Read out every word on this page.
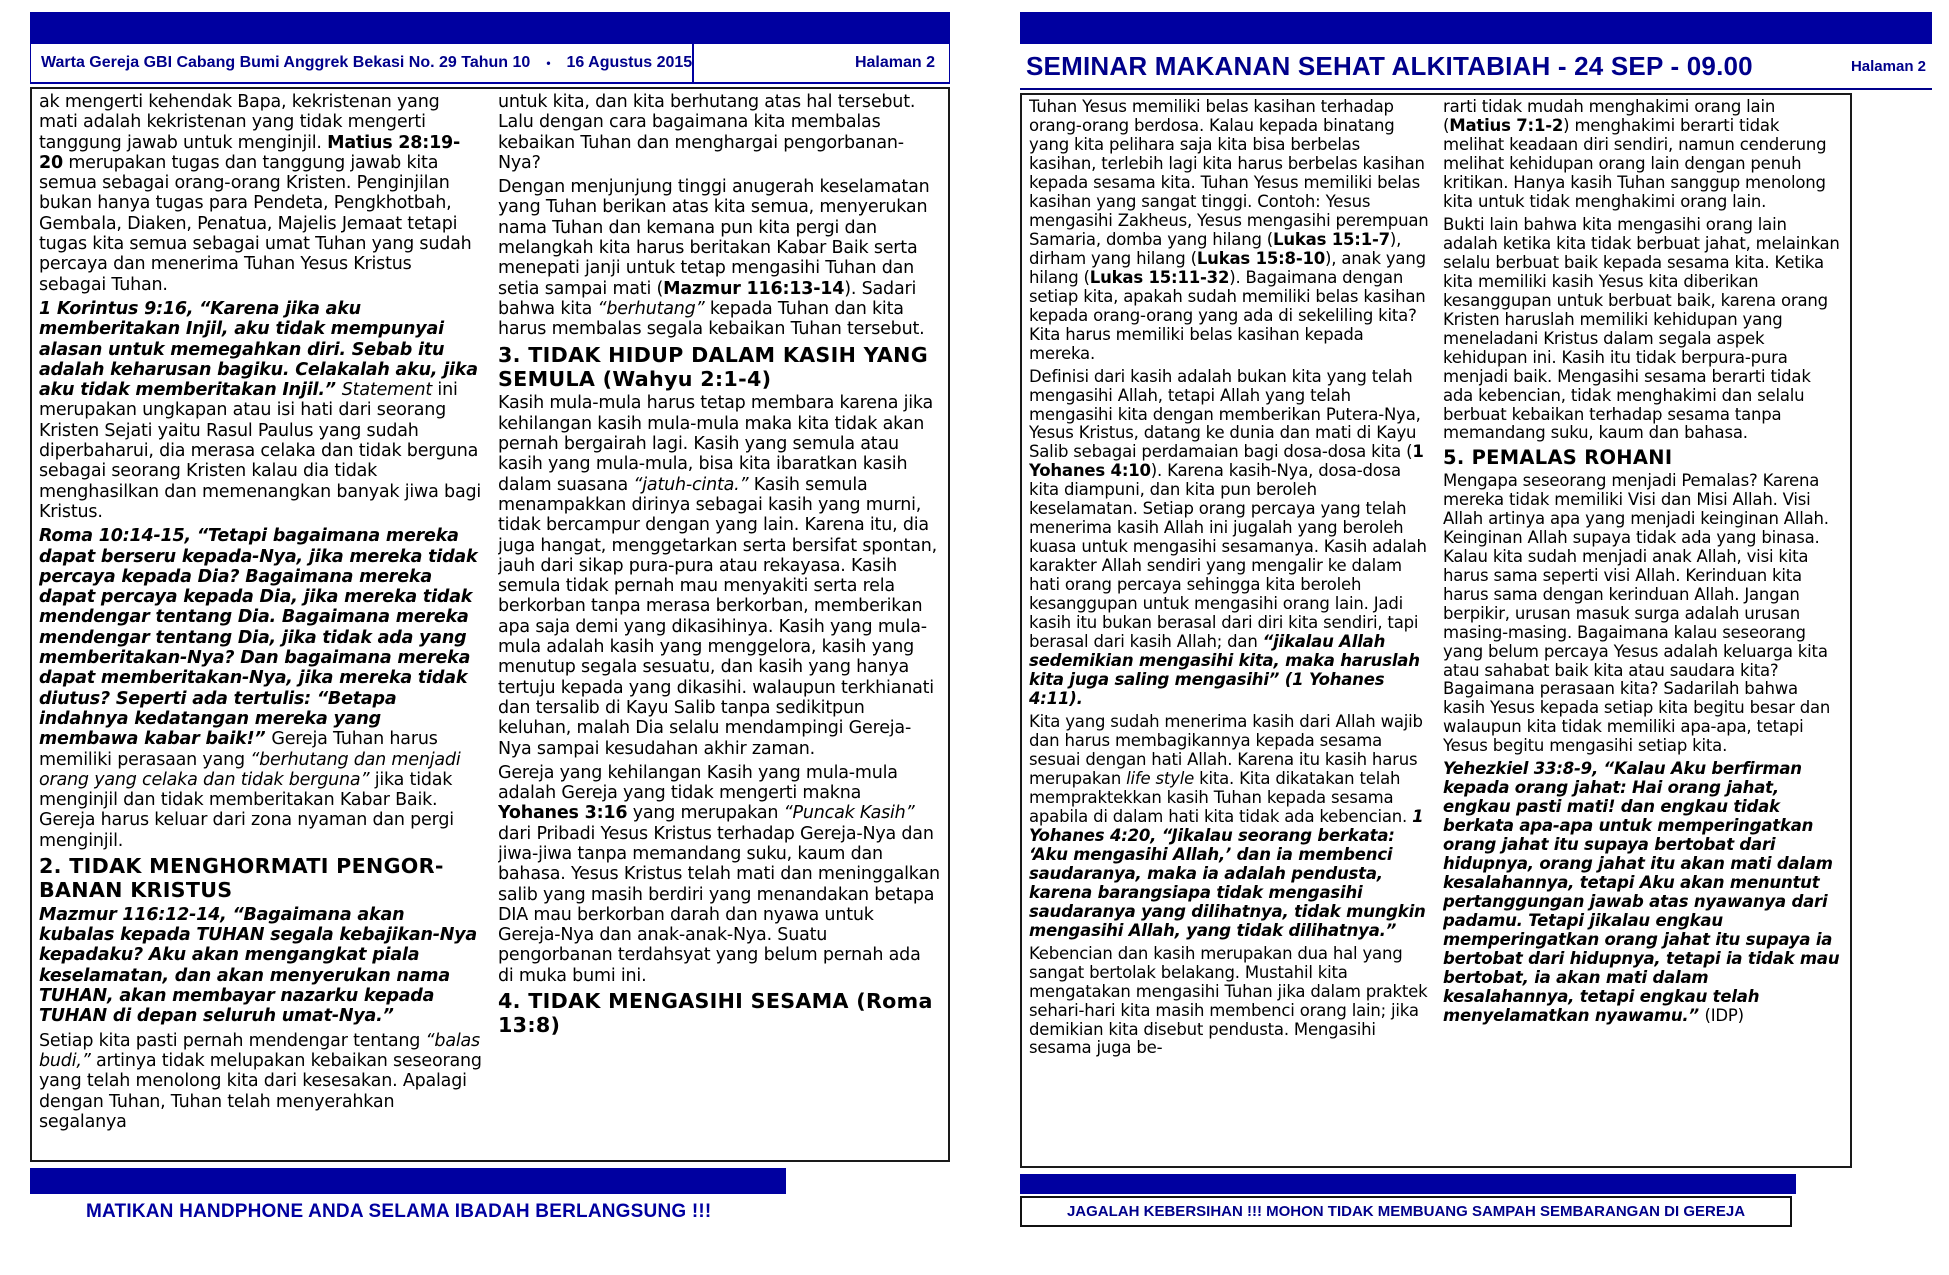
Warta Gereja GBI Cabang Bumi Anggrek Bekasi No. 29 Tahun 10 • 16 Agustus 2015	Halaman 2

ak mengerti kehendak Bapa, kekristenan yang mati adalah kekristenan yang tidak mengerti tanggung jawab untuk menginjil. Matius 28:19-20 merupakan tugas dan tanggung jawab kita semua sebagai orang-orang Kristen. Penginjilan bukan hanya tugas para Pendeta, Pengkhotbah, Gembala, Diaken, Penatua, Majelis Jemaat tetapi tugas kita semua sebagai umat Tuhan yang sudah percaya dan menerima Tuhan Yesus Kristus sebagai Tuhan.

1 Korintus 9:16, “Karena jika aku memberitakan Injil, aku tidak mempunyai alasan untuk memegahkan diri. Sebab itu adalah keharusan bagiku. Celakalah aku, jika aku tidak memberitakan Injil.” Statement ini merupakan ungkapan atau isi hati dari seorang Kristen Sejati yaitu Rasul Paulus yang sudah diperbaharui, dia merasa celaka dan tidak berguna sebagai seorang Kristen kalau dia tidak menghasilkan dan memenangkan banyak jiwa bagi Kristus.

Roma 10:14-15, “Tetapi bagaimana mereka dapat berseru kepada-Nya, jika mereka tidak percaya kepada Dia? Bagaimana mereka dapat percaya kepada Dia, jika mereka tidak mendengar tentang Dia. Bagaimana mereka mendengar tentang Dia, jika tidak ada yang memberitakan-Nya? Dan bagaimana mereka dapat memberitakan-Nya, jika mereka tidak diutus? Seperti ada tertulis: “Betapa indahnya kedatangan mereka yang membawa kabar baik!” Gereja Tuhan harus memiliki perasaan yang “berhutang dan menjadi orang yang celaka dan tidak berguna” jika tidak menginjil dan tidak memberitakan Kabar Baik. Gereja harus keluar dari zona nyaman dan pergi menginjil.

2. TIDAK MENGHORMATI PENGOR-BANAN KRISTUS

Mazmur 116:12-14, “Bagaimana akan kubalas kepada TUHAN segala kebajikan-Nya kepadaku? Aku akan mengangkat piala keselamatan, dan akan menyerukan nama TUHAN, akan membayar nazarku kepada TUHAN di depan seluruh umat-Nya.”

Setiap kita pasti pernah mendengar tentang “balas budi,” artinya tidak melupakan kebaikan seseorang yang telah menolong kita dari kesesakan. Apalagi dengan Tuhan, Tuhan telah menyerahkan segalanya

untuk kita, dan kita berhutang atas hal tersebut. Lalu dengan cara bagaimana kita membalas kebaikan Tuhan dan menghargai pengorbanan-Nya?

Dengan menjunjung tinggi anugerah keselamatan yang Tuhan berikan atas kita semua, menyerukan nama Tuhan dan kemana pun kita pergi dan melangkah kita harus beritakan Kabar Baik serta menepati janji untuk tetap mengasihi Tuhan dan setia sampai mati (Mazmur 116:13-14). Sadari bahwa kita “berhutang” kepada Tuhan dan kita harus membalas segala kebaikan Tuhan tersebut.

3. TIDAK HIDUP DALAM KASIH YANG SEMULA (Wahyu 2:1-4)

Kasih mula-mula harus tetap membara karena jika kehilangan kasih mula-mula maka kita tidak akan pernah bergairah lagi. Kasih yang semula atau kasih yang mula-mula, bisa kita ibaratkan kasih dalam suasana “jatuh-cinta.” Kasih semula menampakkan dirinya sebagai kasih yang murni, tidak bercampur dengan yang lain. Karena itu, dia juga hangat, menggetarkan serta bersifat spontan, jauh dari sikap pura-pura atau rekayasa. Kasih semula tidak pernah mau menyakiti serta rela berkorban tanpa merasa berkorban, memberikan apa saja demi yang dikasihinya. Kasih yang mula-mula adalah kasih yang menggelora, kasih yang menutup segala sesuatu, dan kasih yang hanya tertuju kepada yang dikasihi. walaupun terkhianati dan tersalib di Kayu Salib tanpa sedikitpun keluhan, malah Dia selalu mendampingi Gereja-Nya sampai kesudahan akhir zaman.

Gereja yang kehilangan Kasih yang mula-mula adalah Gereja yang tidak mengerti makna Yohanes 3:16 yang merupakan “Puncak Kasih” dari Pribadi Yesus Kristus terhadap Gereja-Nya dan jiwa-jiwa tanpa memandang suku, kaum dan bahasa. Yesus Kristus telah mati dan meninggalkan salib yang masih berdiri yang menandakan betapa DIA mau berkorban darah dan nyawa untuk Gereja-Nya dan anak-anak-Nya. Suatu pengorbanan terdahsyat yang belum pernah ada di muka bumi ini.

4. TIDAK MENGASIHI SESAMA (Roma 13:8)

MATIKAN HANDPHONE ANDA SELAMA IBADAH BERLANGSUNG !!!
SEMINAR MAKANAN SEHAT ALKITABIAH - 24 SEP - 09.00	Halaman 2

Tuhan Yesus memiliki belas kasihan terhadap orang-orang berdosa. Kalau kepada binatang yang kita pelihara saja kita bisa berbelas kasihan, terlebih lagi kita harus berbelas kasihan kepada sesama kita. Tuhan Yesus memiliki belas kasihan yang sangat tinggi. Contoh: Yesus mengasihi Zakheus, Yesus mengasihi perempuan Samaria, domba yang hilang (Lukas 15:1-7), dirham yang hilang (Lukas 15:8-10), anak yang hilang (Lukas 15:11-32). Bagaimana dengan setiap kita, apakah sudah memiliki belas kasihan kepada orang-orang yang ada di sekeliling kita? Kita harus memiliki belas kasihan kepada mereka.

Definisi dari kasih adalah bukan kita yang telah mengasihi Allah, tetapi Allah yang telah mengasihi kita dengan memberikan Putera-Nya, Yesus Kristus, datang ke dunia dan mati di Kayu Salib sebagai perdamaian bagi dosa-dosa kita (1 Yohanes 4:10). Karena kasih-Nya, dosa-dosa kita diampuni, dan kita pun beroleh keselamatan. Setiap orang percaya yang telah menerima kasih Allah ini jugalah yang beroleh kuasa untuk mengasihi sesamanya. Kasih adalah karakter Allah sendiri yang mengalir ke dalam hati orang percaya sehingga kita beroleh kesanggupan untuk mengasihi orang lain. Jadi kasih itu bukan berasal dari diri kita sendiri, tapi berasal dari kasih Allah; dan “jikalau Allah sedemikian mengasihi kita, maka haruslah kita juga saling mengasihi” (1 Yohanes 4:11).

Kita yang sudah menerima kasih dari Allah wajib dan harus membagikannya kepada sesama sesuai dengan hati Allah. Karena itu kasih harus merupakan life style kita. Kita dikatakan telah mempraktekkan kasih Tuhan kepada sesama apabila di dalam hati kita tidak ada kebencian. 1 Yohanes 4:20, “Jikalau seorang berkata: ‘Aku mengasihi Allah,’ dan ia membenci saudaranya, maka ia adalah pendusta, karena barangsiapa tidak mengasihi saudaranya yang dilihatnya, tidak mungkin mengasihi Allah, yang tidak dilihatnya.”

Kebencian dan kasih merupakan dua hal yang sangat bertolak belakang. Mustahil kita mengatakan mengasihi Tuhan jika dalam praktek sehari-hari kita masih membenci orang lain; jika demikian kita disebut pendusta. Mengasihi sesama juga be-

rarti tidak mudah menghakimi orang lain (Matius 7:1-2) menghakimi berarti tidak melihat keadaan diri sendiri, namun cenderung melihat kehidupan orang lain dengan penuh kritikan. Hanya kasih Tuhan sanggup menolong kita untuk tidak menghakimi orang lain.

Bukti lain bahwa kita mengasihi orang lain adalah ketika kita tidak berbuat jahat, melainkan selalu berbuat baik kepada sesama kita. Ketika kita memiliki kasih Yesus kita diberikan kesanggupan untuk berbuat baik, karena orang Kristen haruslah memiliki kehidupan yang meneladani Kristus dalam segala aspek kehidupan ini. Kasih itu tidak berpura-pura menjadi baik. Mengasihi sesama berarti tidak ada kebencian, tidak menghakimi dan selalu berbuat kebaikan terhadap sesama tanpa memandang suku, kaum dan bahasa.

5. PEMALAS ROHANI

Mengapa seseorang menjadi Pemalas? Karena mereka tidak memiliki Visi dan Misi Allah. Visi Allah artinya apa yang menjadi keinginan Allah. Keinginan Allah supaya tidak ada yang binasa. Kalau kita sudah menjadi anak Allah, visi kita harus sama seperti visi Allah. Kerinduan kita harus sama dengan kerinduan Allah. Jangan berpikir, urusan masuk surga adalah urusan masing-masing. Bagaimana kalau seseorang yang belum percaya Yesus adalah keluarga kita atau sahabat baik kita atau saudara kita? Bagaimana perasaan kita? Sadarilah bahwa kasih Yesus kepada setiap kita begitu besar dan walaupun kita tidak memiliki apa-apa, tetapi Yesus begitu mengasihi setiap kita.

Yehezkiel 33:8-9, “Kalau Aku berfirman kepada orang jahat: Hai orang jahat, engkau pasti mati! dan engkau tidak berkata apa-apa untuk memperingatkan orang jahat itu supaya bertobat dari hidupnya, orang jahat itu akan mati dalam kesalahannya, tetapi Aku akan menuntut pertanggungan jawab atas nyawanya dari padamu. Tetapi jikalau engkau memperingatkan orang jahat itu supaya ia bertobat dari hidupnya, tetapi ia tidak mau bertobat, ia akan mati dalam kesalahannya, tetapi engkau telah menyelamatkan nyawamu.” (IDP)

JAGALAH KEBERSIHAN !!! MOHON TIDAK MEMBUANG SAMPAH SEMBARANGAN DI GEREJA
